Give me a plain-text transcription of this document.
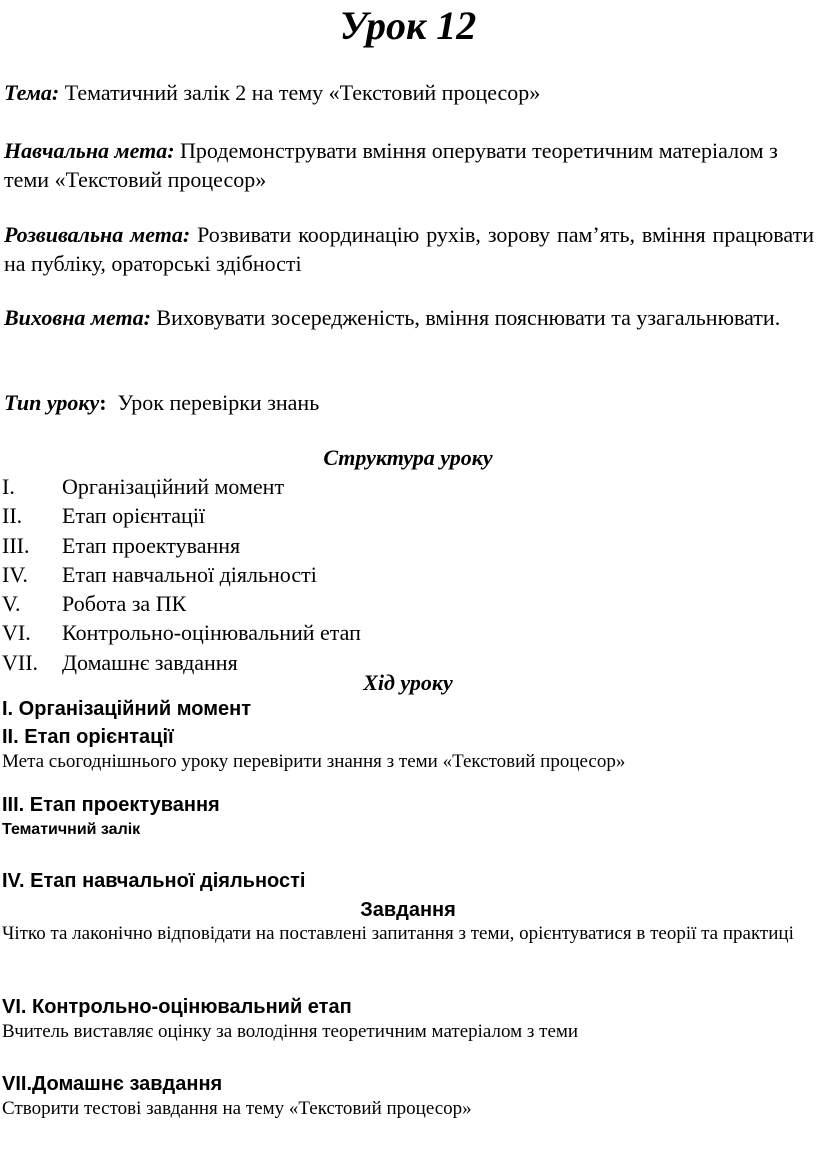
Урок 12
Тема: Тематичний залік 2 на тему «Текстовий процесор»
Навчальна мета: Продемонструвати вміння оперувати теоретичним матеріалом з теми «Текстовий процесор»
Розвивальна мета: Розвивати координацію рухів, зорову пам’ять, вміння працювати на публіку, ораторські здібності
Виховна мета: Виховувати зосередженість, вміння пояснювати та узагальнювати.
Тип уроку: Урок перевірки знань
Структура уроку
I.	Організаційний момент
II.	Етап орієнтації
III.	Етап проектування
IV.	Етап навчальної діяльності
V.	Робота за ПК
VI.	Контрольно-оцінювальний етап
VII.	Домашнє завдання
Хід уроку
I. Організаційний момент
II. Етап орієнтації
Мета сьогоднішнього уроку перевірити знання з теми «Текстовий процесор»
III. Етап проектування
Тематичний залік
IV. Етап навчальної діяльності
Завдання
Чітко та лаконічно відповідати на поставлені запитання з теми, орієнтуватися в теорії та практиці
VI. Контрольно-оцінювальний етап
Вчитель виставляє оцінку за володіння теоретичним матеріалом з теми
VII.Домашнє завдання
Створити тестові завдання на тему «Текстовий процесор»
